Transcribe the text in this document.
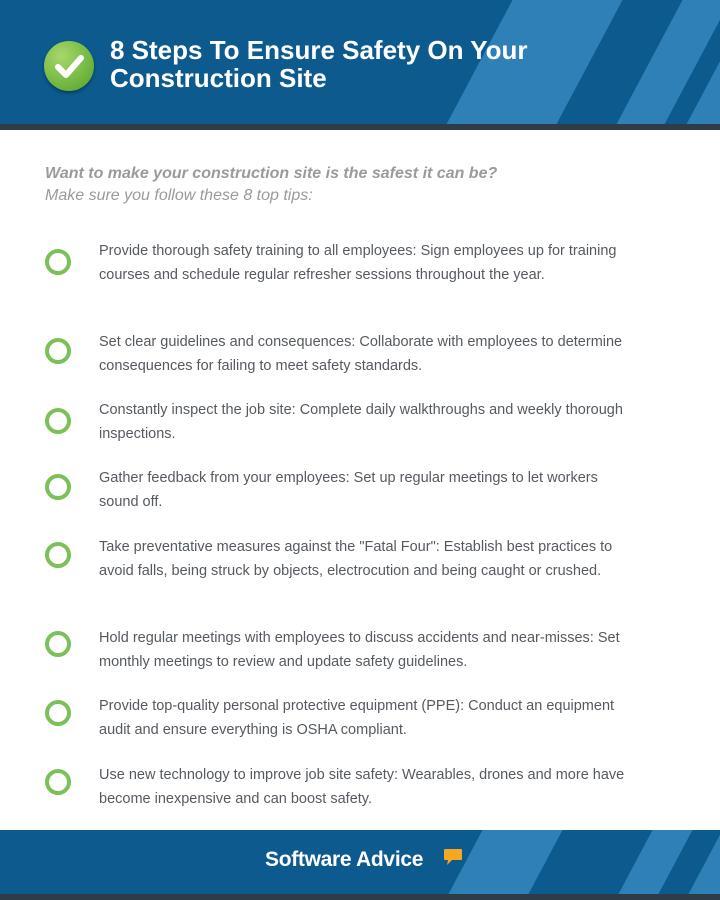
8 Steps To Ensure Safety On Your Construction Site
Want to make your construction site is the safest it can be?
Make sure you follow these 8 top tips:
Provide thorough safety training to all employees: Sign employees up for training courses and schedule regular refresher sessions throughout the year.
Set clear guidelines and consequences: Collaborate with employees to determine consequences for failing to meet safety standards.
Constantly inspect the job site: Complete daily walkthroughs and weekly thorough inspections.
Gather feedback from your employees: Set up regular meetings to let workers sound off.
Take preventative measures against the "Fatal Four": Establish best practices to avoid falls, being struck by objects, electrocution and being caught or crushed.
Hold regular meetings with employees to discuss accidents and near-misses: Set monthly meetings to review and update safety guidelines.
Provide top-quality personal protective equipment (PPE): Conduct an equipment audit and ensure everything is OSHA compliant.
Use new technology to improve job site safety: Wearables, drones and more have become inexpensive and can boost safety.
Software Advice
